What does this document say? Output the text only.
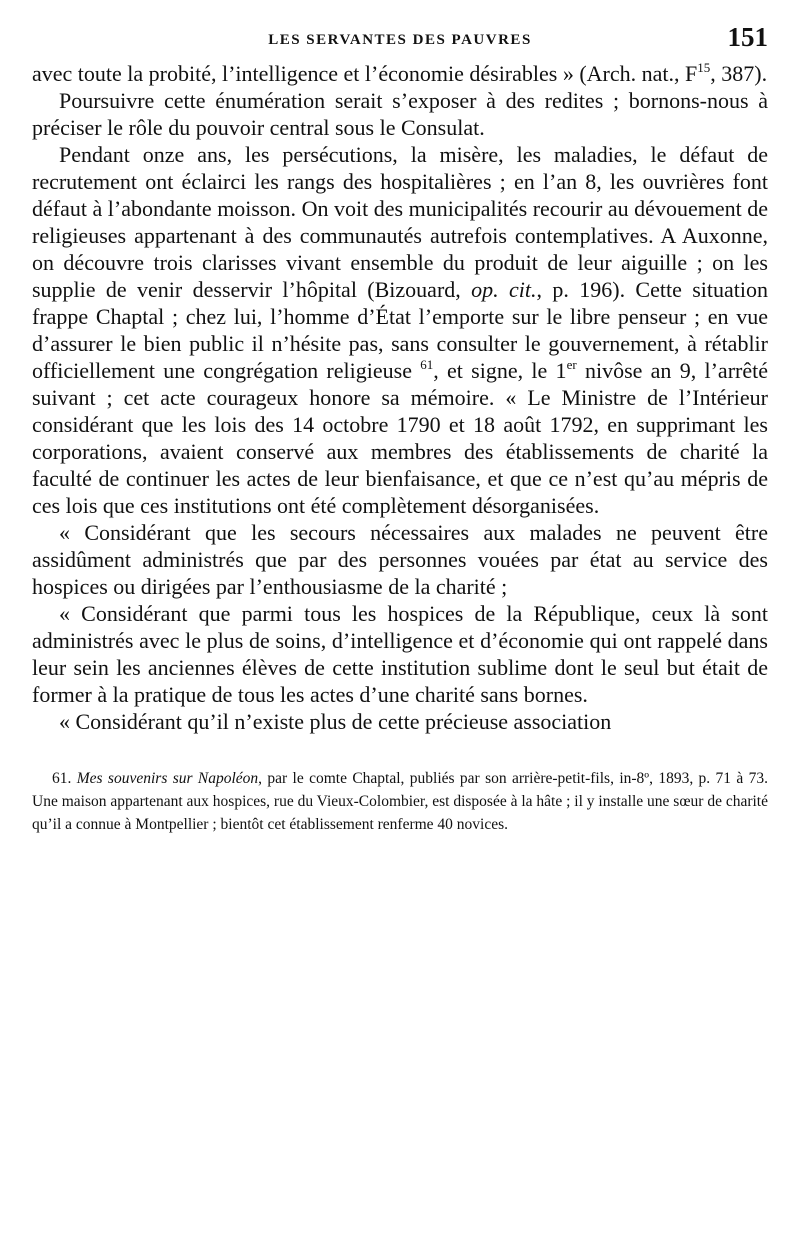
LES SERVANTES DES PAUVRES	151

avec toute la probité, l’intelligence et l’économie désirables » (Arch. nat., $F^{15}$, 387).

Poursuivre cette énumération serait s’exposer à des redites ; bornons-nous à préciser le rôle du pouvoir central sous le Consulat.

Pendant onze ans, les persécutions, la misère, les maladies, le défaut de recrutement ont éclairci les rangs des hospitalières ; en l’an 8, les ouvrières font défaut à l’abondante moisson. On voit des municipalités recourir au dévouement de religieuses appartenant à des communautés autrefois contemplatives. A Auxonne, on découvre trois clarisses vivant ensemble du produit de leur aiguille ; on les supplie de venir desservir l’hôpital (Bizouard, op. cit., p. 196). Cette situation frappe Chaptal ; chez lui, l’homme d’État l’emporte sur le libre penseur ; en vue d’assurer le bien public il n’hésite pas, sans consulter le gouvernement, à rétablir officiellement une congrégation religieuse $^{61}$, et signe, le 1er nivôse an 9, l’arrêté suivant ; cet acte courageux honore sa mémoire. « Le Ministre de l’Intérieur considérant que les lois des 14 octobre 1790 et 18 août 1792, en supprimant les corporations, avaient conservé aux membres des établissements de charité la faculté de continuer les actes de leur bienfaisance, et que ce n’est qu’au mépris de ces lois que ces institutions ont été complètement désorganisées.

« Considérant que les secours nécessaires aux malades ne peuvent être assidûment administrés que par des personnes vouées par état au service des hospices ou dirigées par l’enthousiasme de la charité ;

« Considérant que parmi tous les hospices de la République, ceux là sont administrés avec le plus de soins, d’intelligence et d’économie qui ont rappelé dans leur sein les anciennes élèves de cette institution sublime dont le seul but était de former à la pratique de tous les actes d’une charité sans bornes.

« Considérant qu’il n’existe plus de cette précieuse association

61. Mes souvenirs sur Napoléon, par le comte Chaptal, publiés par son arrière-petit-fils, in-8º, 1893, p. 71 à 73. Une maison appartenant aux hospices, rue du Vieux-Colombier, est disposée à la hâte ; il y installe une sœur de charité qu’il a connue à Montpellier ; bientôt cet établissement renferme 40 novices.
